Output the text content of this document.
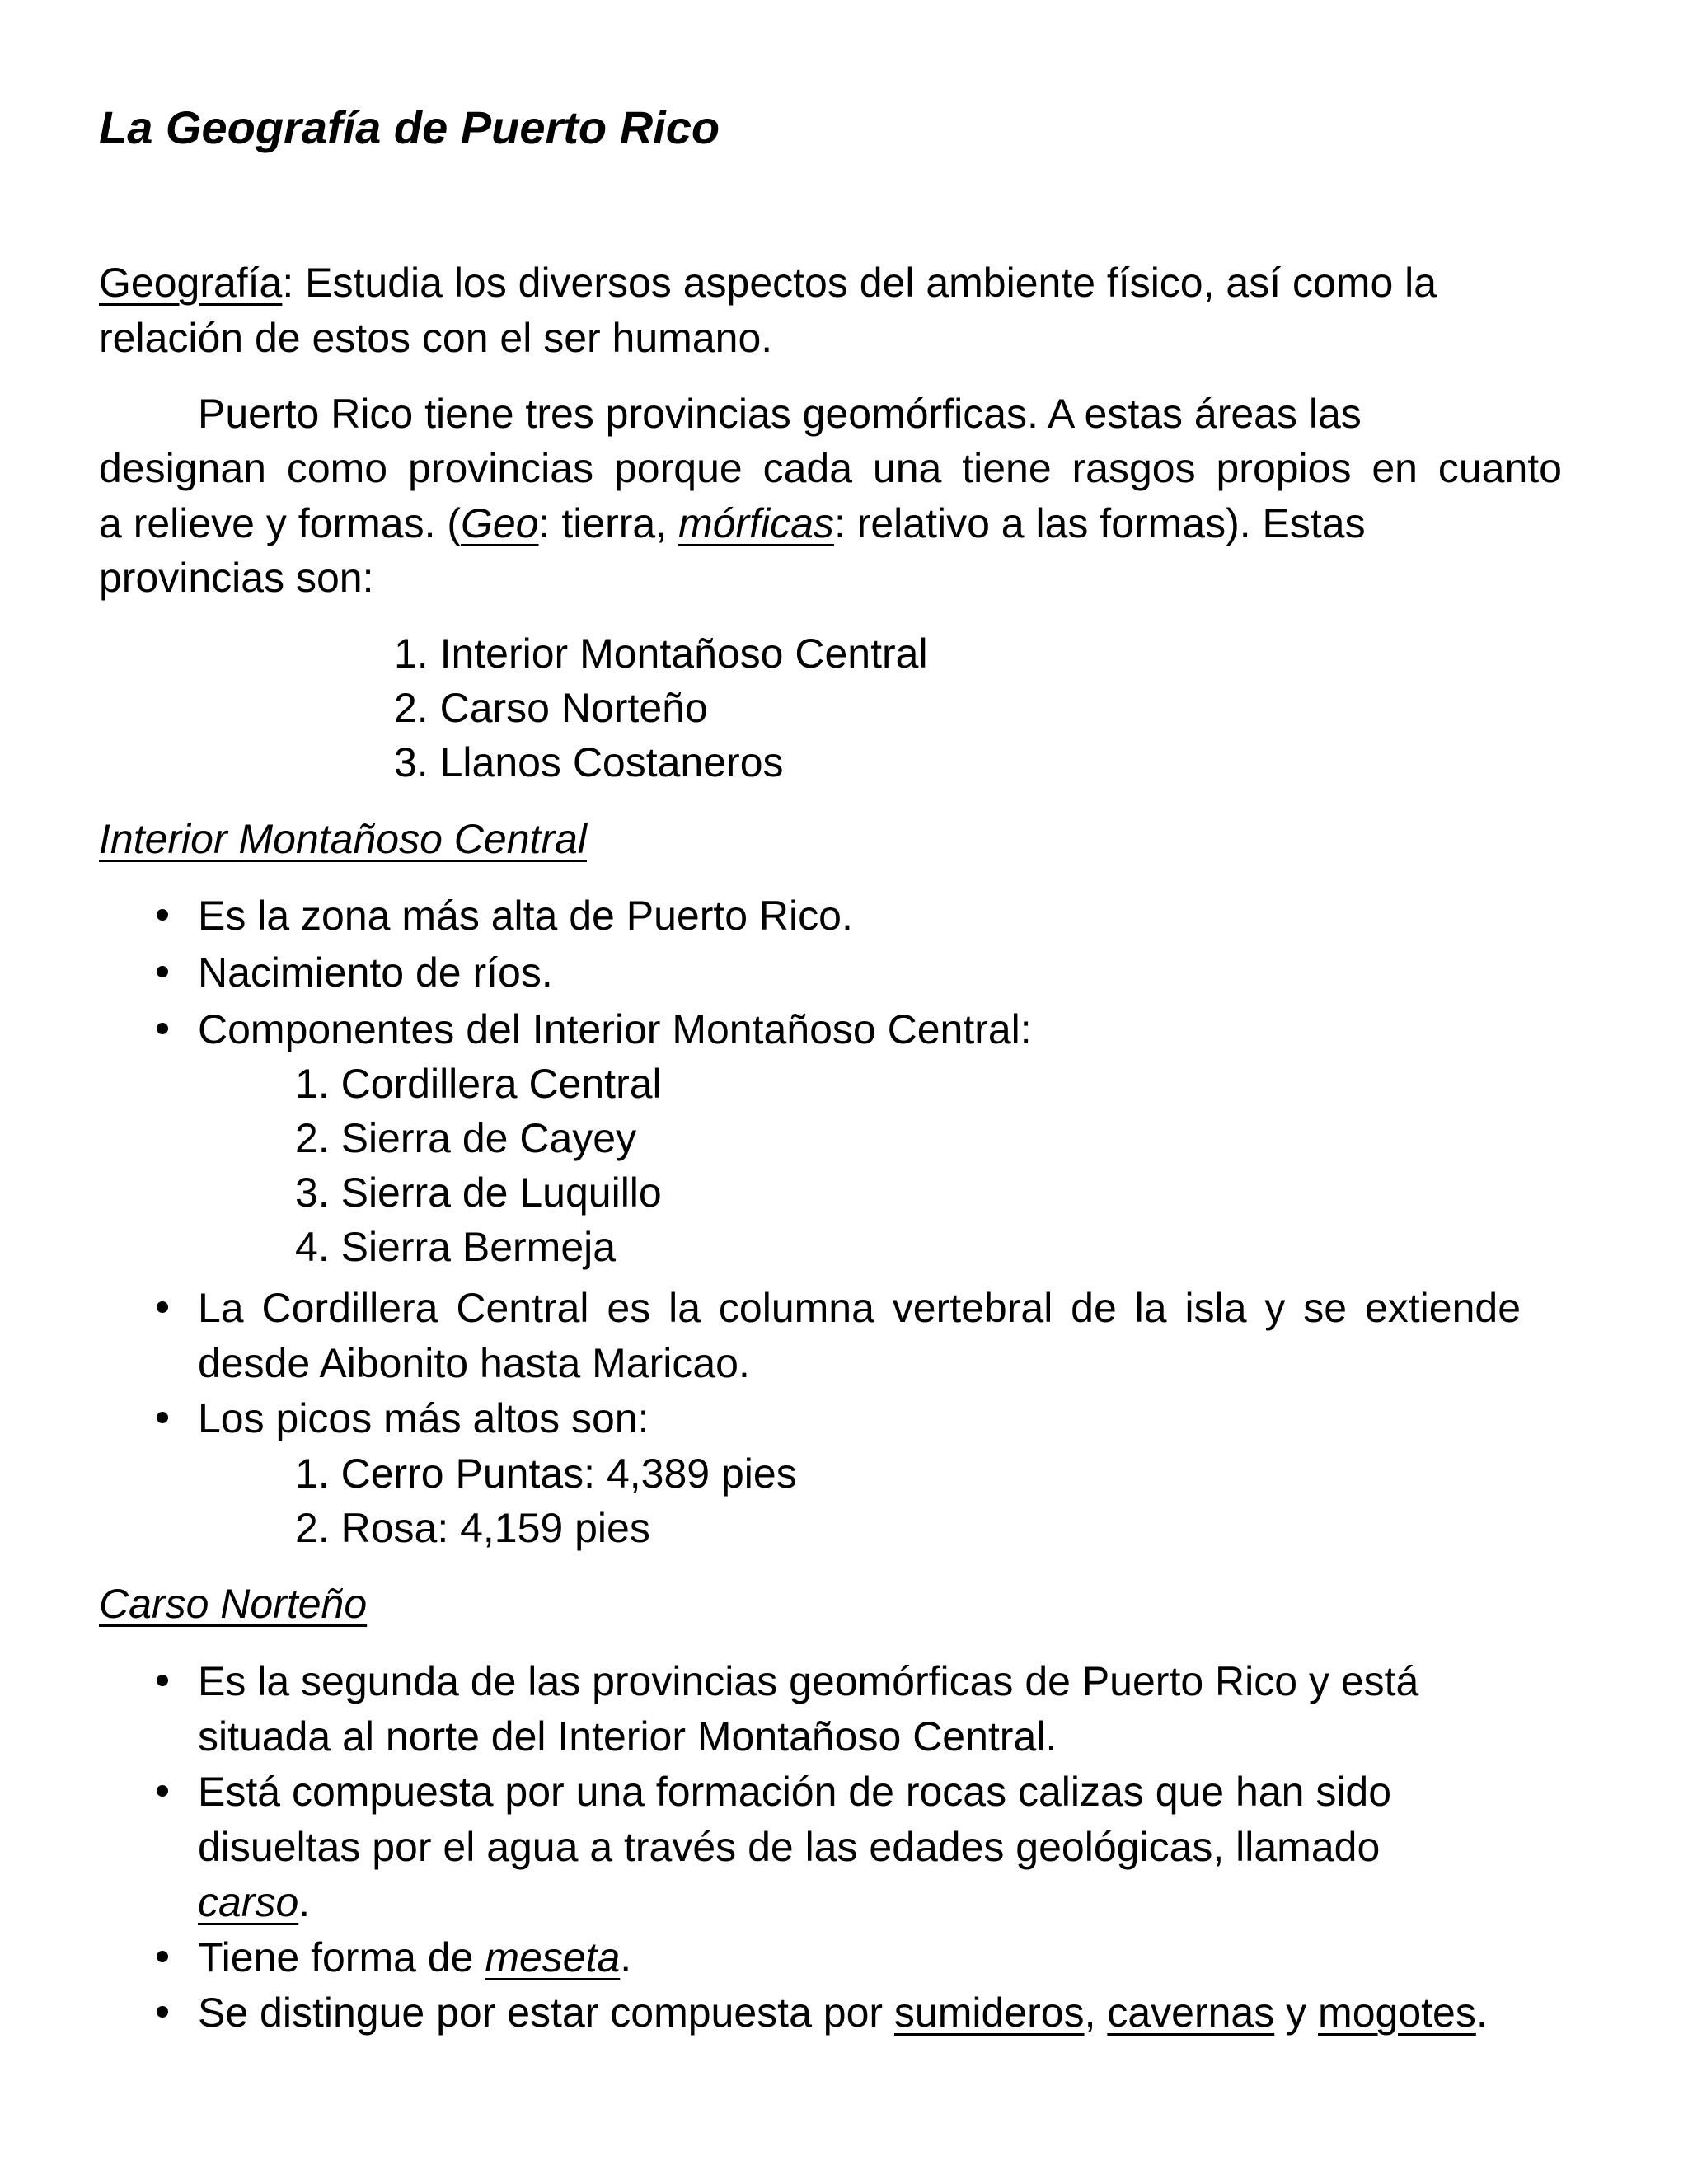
La Geografía de Puerto Rico
Geografía: Estudia los diversos aspectos del ambiente físico, así como la
relación de estos con el ser humano.
Puerto Rico tiene tres provincias geomórficas. A estas áreas las
designan como provincias porque cada una tiene rasgos propios en cuanto
a relieve y formas. (Geo: tierra, mórficas: relativo a las formas). Estas
provincias son:
1. Interior Montañoso Central
2. Carso Norteño
3. Llanos Costaneros
Interior Montañoso Central
Es la zona más alta de Puerto Rico.
Nacimiento de ríos.
Componentes del Interior Montañoso Central:
1. Cordillera Central
2. Sierra de Cayey
3. Sierra de Luquillo
4. Sierra Bermeja
La Cordillera Central es la columna vertebral de la isla y se extiende
desde Aibonito hasta Maricao.
Los picos más altos son:
1. Cerro Puntas: 4,389 pies
2. Rosa: 4,159 pies
Carso Norteño
Es la segunda de las provincias geomórficas de Puerto Rico y está
situada al norte del Interior Montañoso Central.
Está compuesta por una formación de rocas calizas que han sido
disueltas por el agua a través de las edades geológicas, llamado
carso.
Tiene forma de meseta.
Se distingue por estar compuesta por sumideros, cavernas y mogotes.
